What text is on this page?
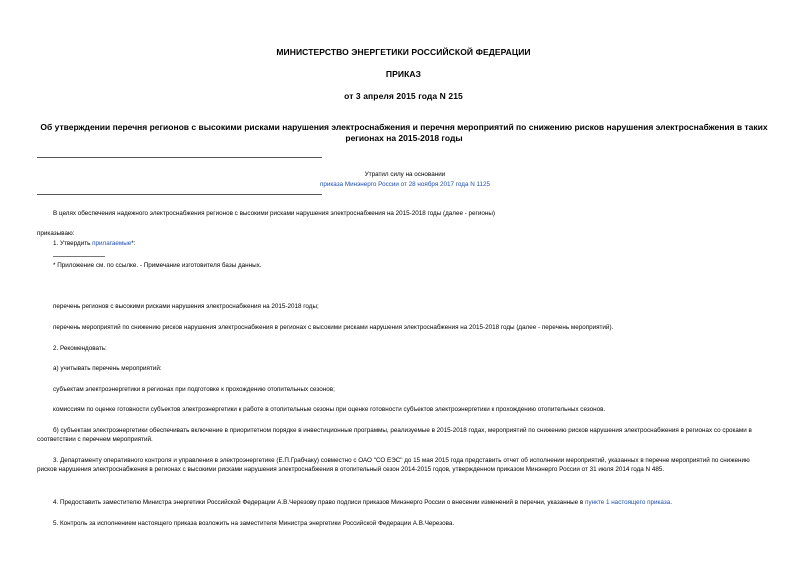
МИНИСТЕРСТВО ЭНЕРГЕТИКИ РОССИЙСКОЙ ФЕДЕРАЦИИ

ПРИКАЗ

от 3 апреля 2015 года N 215

Об утверждении перечня регионов с высокими рисками нарушения электроснабжения и перечня мероприятий по снижению рисков нарушения электроснабжения в таких регионах на 2015-2018 годы

Утратил силу на основании

приказа Минэнерго России от 28 ноября 2017 года N 1125

В целях обеспечения надежного электроснабжения регионов с высокими рисками нарушения электроснабжения на 2015-2018 годы (далее - регионы)

приказываю:

1. Утвердить прилагаемые*:

* Приложение см. по ссылке. - Примечание изготовителя базы данных.

перечень регионов с высокими рисками нарушения электроснабжения на 2015-2018 годы;

перечень мероприятий по снижению рисков нарушения электроснабжения в регионах с высокими рисками нарушения электроснабжения на 2015-2018 годы (далее - перечень мероприятий).

2. Рекомендовать:

а) учитывать перечень мероприятий:

субъектам электроэнергетики в регионах при подготовке к прохождению отопительных сезонов;

комиссиям по оценке готовности субъектов электроэнергетики к работе в отопительные сезоны при оценке готовности субъектов электроэнергетики к прохождению отопительных сезонов.

б) субъектам электроэнергетики обеспечивать включение в приоритетном порядке в инвестиционные программы, реализуемые в 2015-2018 годах, мероприятий по снижению рисков нарушения электроснабжения в регионах со сроками в соответствии с перечнем мероприятий.

3. Департаменту оперативного контроля и управления в электроэнергетике (Е.П.Грабчаку) совместно с ОАО "СО ЕЭС" до 15 мая 2015 года представить отчет об исполнении мероприятий, указанных в перечне мероприятий по снижению рисков нарушения электроснабжения в регионах с высокими рисками нарушения электроснабжения в отопительный сезон 2014-2015 годов, утвержденном приказом Минэнерго России от 31 июля 2014 года N 485.

4. Предоставить заместителю Министра энергетики Российской Федерации А.В.Черезову право подписи приказов Минэнерго России о внесении изменений в перечни, указанные в пункте 1 настоящего приказа.

5. Контроль за исполнением настоящего приказа возложить на заместителя Министра энергетики Российской Федерации А.В.Черезова.
